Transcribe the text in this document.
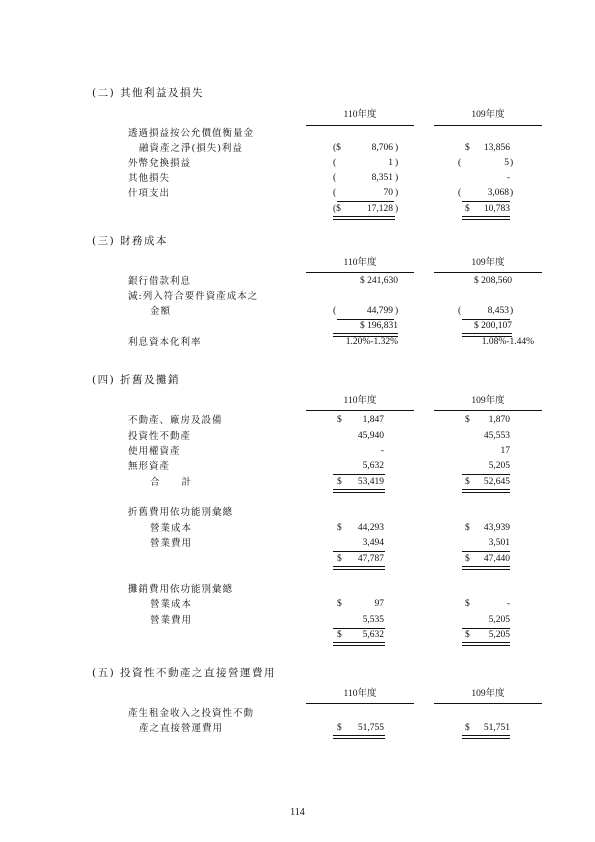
(二) 其他利益及損失
110年度	109年度
透過損益按公允價值衡量金
融資產之淨(損失)利益	($	8,706 )	$	13,856
外幣兌換損益	(	1 )	(	5 )
其他損失	(	8,351 )	-
什項支出	(	70 )	(	3,068 )
($	17,128 )	$	10,783
(三) 財務成本
110年度	109年度
銀行借款利息	$ 241,630	$ 208,560
減:列入符合要件資產成本之
金額	(	44,799 )	(	8,453 )
$ 196,831	$ 200,107
利息資本化利率	1.20%-1.32%	1.08%-1.44%
(四) 折舊及攤銷
110年度	109年度
不動產、廠房及設備	$	1,847	$	1,870
投資性不動產	45,940	45,553
使用權資產	-	17
無形資產	5,632	5,205
合　　計	$	53,419	$	52,645
折舊費用依功能別彙總
營業成本	$	44,293	$	43,939
營業費用	3,494	3,501
$	47,787	$	47,440
攤銷費用依功能別彙總
營業成本	$	97	$	-
營業費用	5,535	5,205
$	5,632	$	5,205
(五) 投資性不動產之直接營運費用
110年度	109年度
產生租金收入之投資性不動
產之直接營運費用	$	51,755	$	51,751
114
